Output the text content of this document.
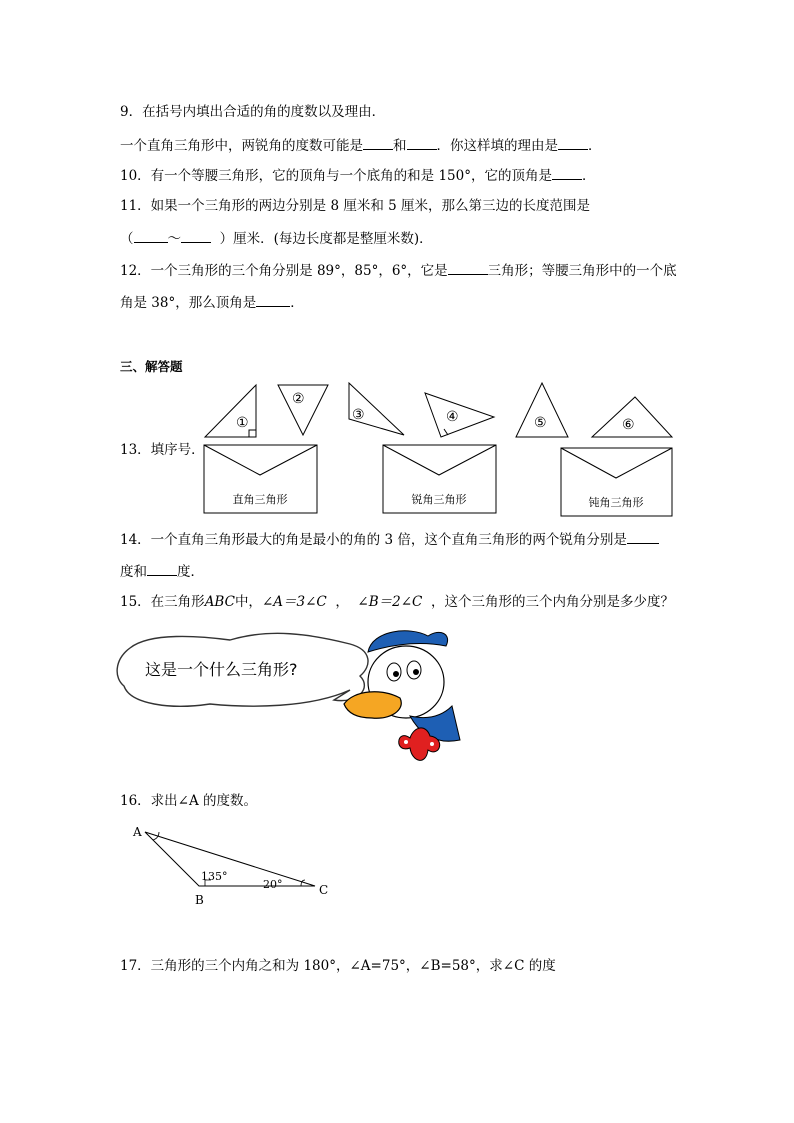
9．在括号内填出合适的角的度数以及理由．
一个直角三角形中，两锐角的度数可能是 和 ．你这样填的理由是 ．
10．有一个等腰三角形，它的顶角与一个底角的和是 150°，它的顶角是 ．
11．如果一个三角形的两边分别是 8 厘米和 5 厘米，那么第三边的长度范围是
（	～	）厘米．(每边长度都是整厘米数)．
12．一个三角形的三个角分别是 89°，85°，6°，它是	三角形；等腰三角形中的一个底
角是 38°，那么顶角是	．
三、解答题
①
②
③	④	⑤	⑥
直角三角形	锐角三角形	钝角三角形
13．填序号．
14．一个直角三角形最大的角是最小的角的 3 倍，这个直角三角形的两个锐角分别是
度和 度．
15．在三角形ABC中，∠A＝3∠C ， ∠B＝2∠C ，这个三角形的三个内角分别是多少度？
这是一个什么三角形?
16．求出∠A 的度数。
A
B
C
135°
20°
17．三角形的三个内角之和为 180°，∠A=75°，∠B=58°，求∠C 的度
